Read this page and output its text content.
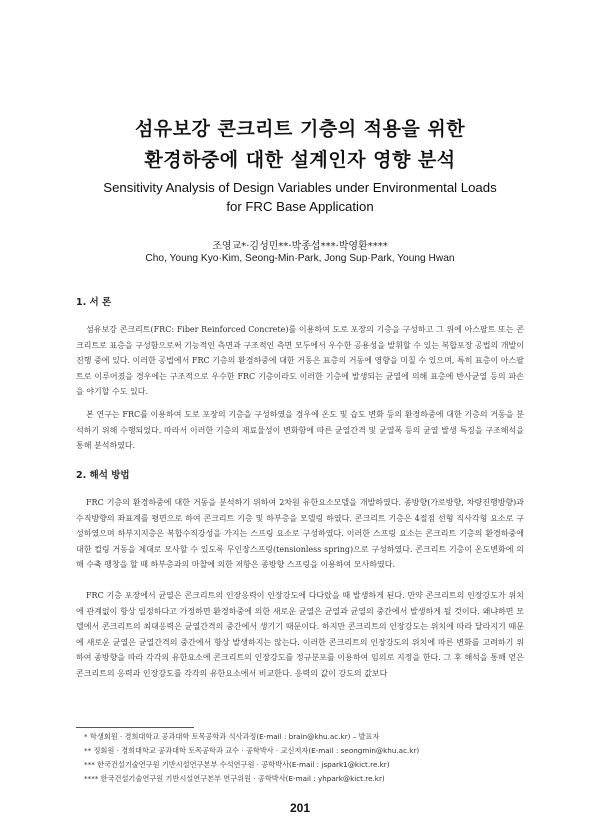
섬유보강 콘크리트 기층의 적용을 위한
환경하중에 대한 설계인자 영향 분석
Sensitivity Analysis of Design Variables under Environmental Loads
for FRC Base Application
조영교*·김성민**·박종섭***·박영환****
Cho, Young Kyo·Kim, Seong-Min·Park, Jong Sup·Park, Young Hwan
1. 서 론

섬유보강 콘크리트(FRC: Fiber Reinforced Concrete)를 이용하여 도로 포장의 기층을 구성하고 그 위에 아스팔트 또는 콘크리트로 표층을 구성함으로써 기능적인 측면과 구조적인 측면 모두에서 우수한 공용성을 발휘할 수 있는 복합포장 공법의 개발이 진행 중에 있다. 이러한 공법에서 FRC 기층의 환경하중에 대한 거동은 표층의 거동에 영향을 미칠 수 있으며, 특히 표층이 아스팔트로 이루어졌을 경우에는 구조적으로 우수한 FRC 기층이라도 이러한 기층에 발생되는 균열에 의해 표층에 반사균열 등의 파손을 야기할 수도 있다.

본 연구는 FRC를 이용하여 도로 포장의 기층을 구성하였을 경우에 온도 및 습도 변화 등의 환경하중에 대한 기층의 거동을 분석하기 위해 수행되었다. 따라서 이러한 기층의 재료물성이 변화함에 따른 균열간격 및 균열폭 등의 균열 발생 특징을 구조해석을 통해 분석하였다.

2. 해석 방법

FRC 기층의 환경하중에 대한 거동을 분석하기 위하여 2차원 유한요소모델을 개발하였다. 종방향(가로방향, 차량진행방향)과 수직방향의 좌표계를 평면으로 하여 콘크리트 기층 및 하부층을 모델링 하였다. 콘크리트 기층은 4절점 선형 직사각형 요소로 구성하였으며 하부지지층은 복합수직강성을 가지는 스프링 요소로 구성하였다. 이러한 스프링 요소는 콘크리트 기층의 환경하중에 대한 컬링 거동을 제대로 모사할 수 있도록 무인장스프링(tensionless spring)으로 구성하였다. 콘크리트 기층이 온도변화에 의해 수축 팽창을 할 때 하부층과의 마찰에 의한 저항은 종방향 스프링을 이용하여 모사하였다.

FRC 기층 포장에서 균열은 콘크리트의 인장응력이 인장강도에 다다랐을 때 발생하게 된다. 만약 콘크리트의 인장강도가 위치에 관계없이 항상 일정하다고 가정하면 환경하중에 의한 새로운 균열은 균열과 균열의 중간에서 발생하게 될 것이다. 왜냐하면 모델에서 콘크리트의 최대응력은 균열간격의 중간에서 생기기 때문이다. 하지만 콘크리트의 인장강도는 위치에 따라 달라지기 때문에 새로운 균열은 균열간격의 중간에서 항상 발생하지는 않는다. 이러한 콘크리트의 인장강도의 위치에 따른 변화를 고려하기 위하여 종방향을 따라 각각의 유한요소에 콘크리트의 인장강도를 정규분포를 이용하여 임의로 지정을 한다. 그 후 해석을 통해 얻은 콘크리트의 응력과 인장강도를 각각의 유한요소에서 비교한다. 응력의 값이 강도의 값보다

* 학생회원 · 경희대학교 공과대학 토목공학과 석사과정(E-mail : brain@khu.ac.kr) – 발표자
** 정회원 · 경희대학교 공과대학 토목공학과 교수 · 공학박사 · 교신저자(E-mail : seongmin@khu.ac.kr)
*** 한국건설기술연구원 기반시설연구본부 수석연구원 · 공학박사(E-mail : jspark1@kict.re.kr)
**** 한국건설기술연구원 기반시설연구본부 연구위원 · 공학박사(E-mail : yhpark@kict.re.kr)
201
